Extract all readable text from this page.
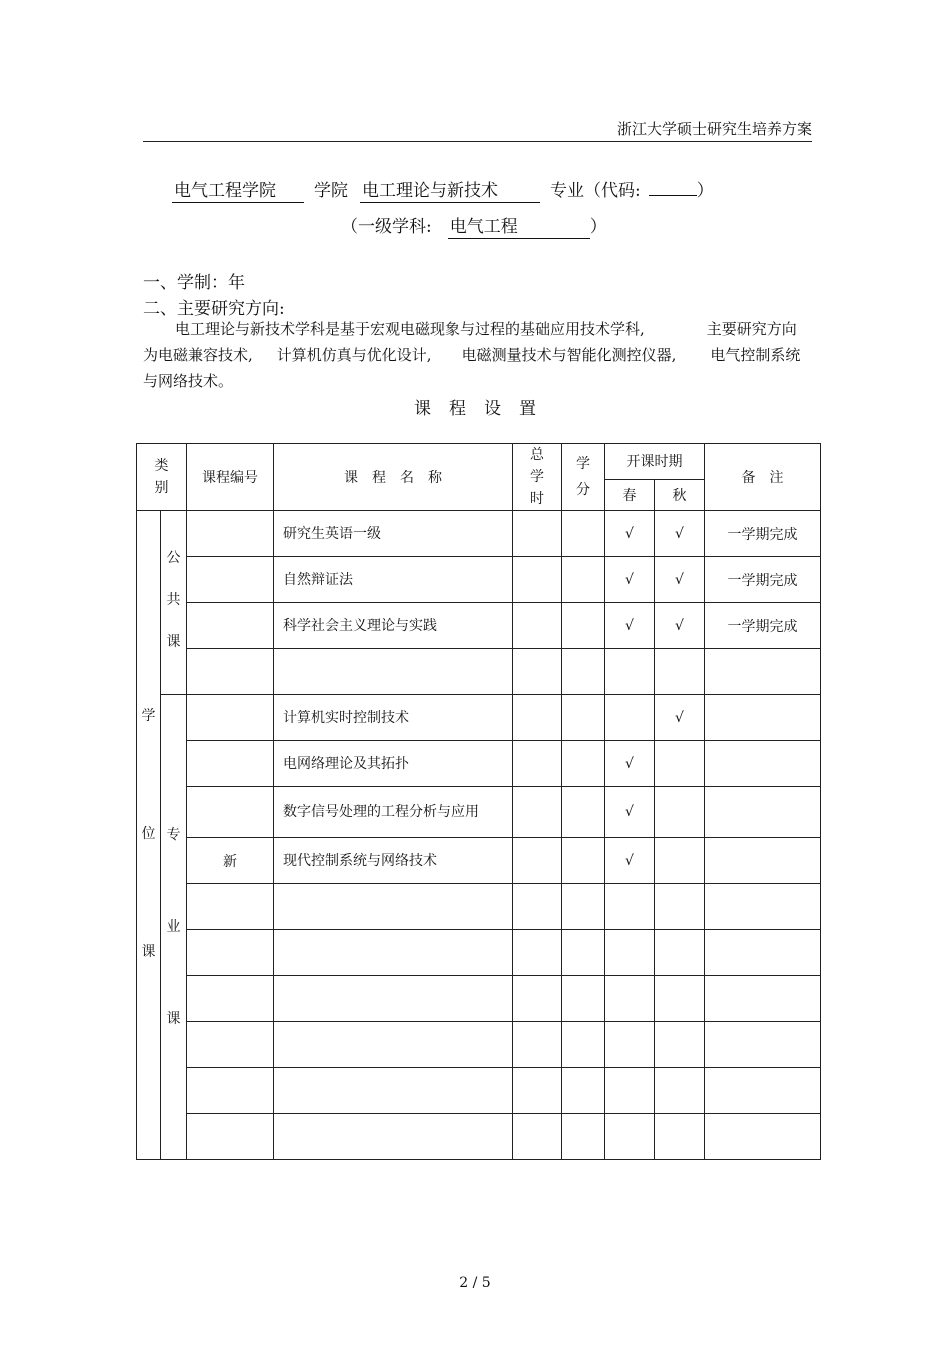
浙江大学硕士研究生培养方案
电气工程学院 学院 电工理论与新技术	专业（代码:	）
（一级学科: 电气工程	）
一、学制：年
二、主要研究方向:
电工理论与新技术学科是基于宏观电磁现象与过程的基础应用技术学科,	主要研究方向
为电磁兼容技术, 计算机仿真与优化设计, 电磁测量技术与智能化测控仪器, 电气控制系统
与网络技术。
课程设置
类别		课程编号	课　程　名　称	总学时	学分	开课时期		备　注
						春	秋	
学位课	公共课		研究生英语一级			√	√	一学期完成
			自然辩证法			√	√	一学期完成
			科学社会主义理论与实践			√	√	一学期完成

	专业课		计算机实时控制技术				√	
			电网络理论及其拓扑			√		
			数字信号处理的工程分析与应用			√		
		新	现代控制系统与网络技术			√		

2 / 5
